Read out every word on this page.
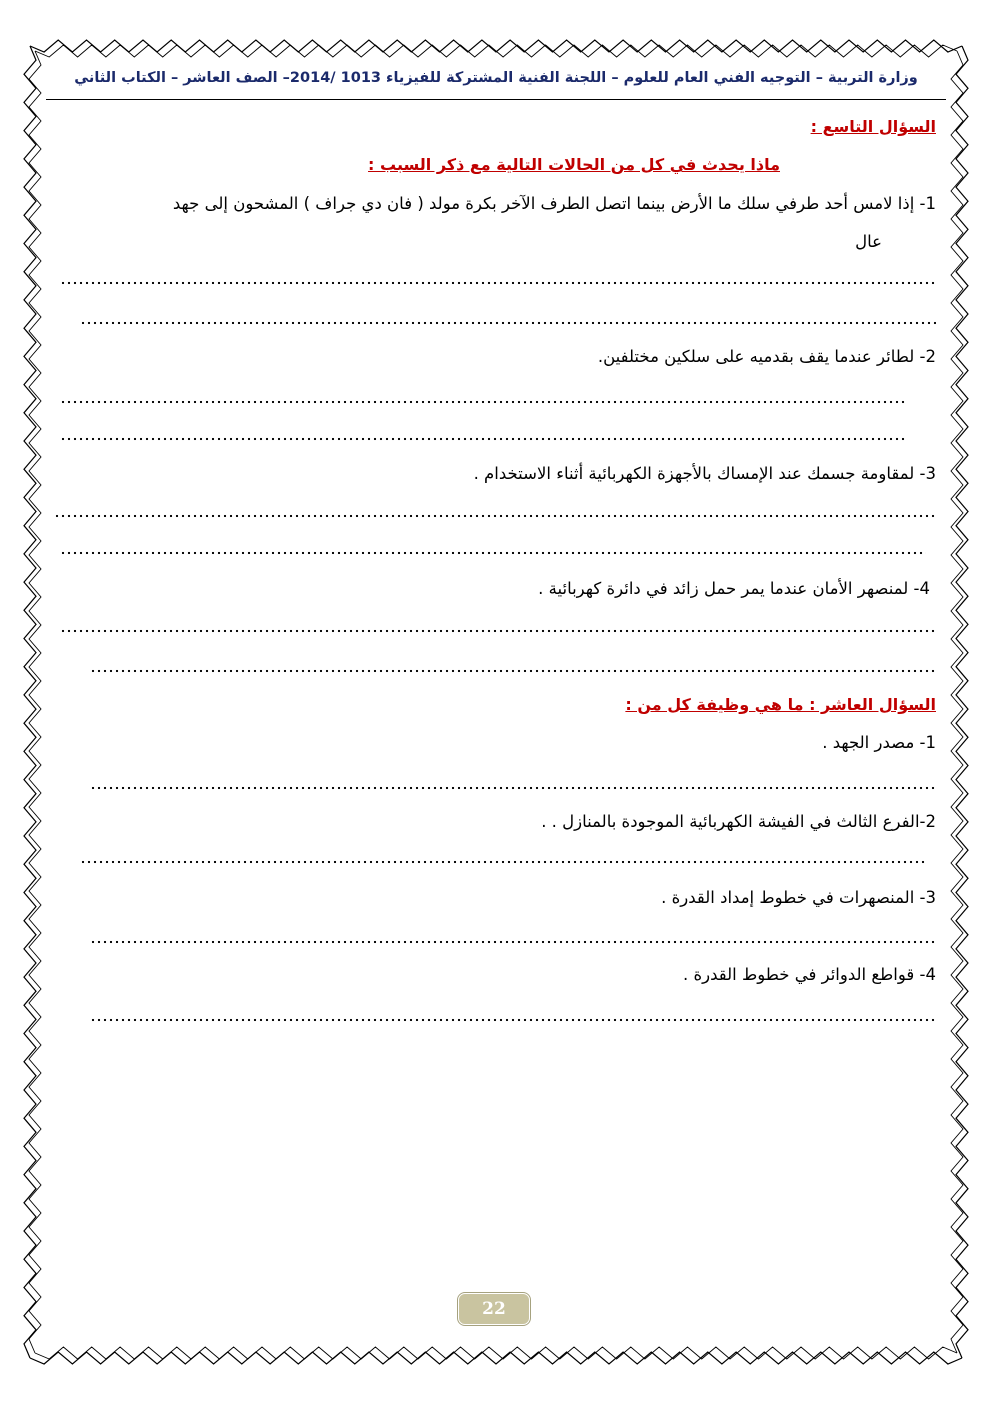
وزارة التربية – التوجيه الفني العام للعلوم – اللجنة الفنية المشتركة للفيزياء 1013 /2014– الصف العاشر – الكتاب الثاني
السؤال التاسع :
ماذا يحدث في كل من الحالات التالية مع ذكر السبب :
1- إذا لامس أحد طرفي سلك ما الأرض بينما اتصل الطرف الآخر بكرة مولد ( فان دي جراف ) المشحون إلى جهد
عال
2- لطائر عندما يقف بقدميه على سلكين مختلفين.
3- لمقاومة جسمك عند الإمساك بالأجهزة الكهربائية أثناء الاستخدام .
4- لمنصهر الأمان عندما يمر حمل زائد في دائرة كهربائية .
السؤال العاشر : ما هي وظيفة كل من :
1- مصدر الجهد .
2-الفرع الثالث في الفيشة الكهربائية الموجودة بالمنازل . .
3- المنصهرات في خطوط إمداد القدرة .
4- قواطع الدوائر في خطوط القدرة .
22
